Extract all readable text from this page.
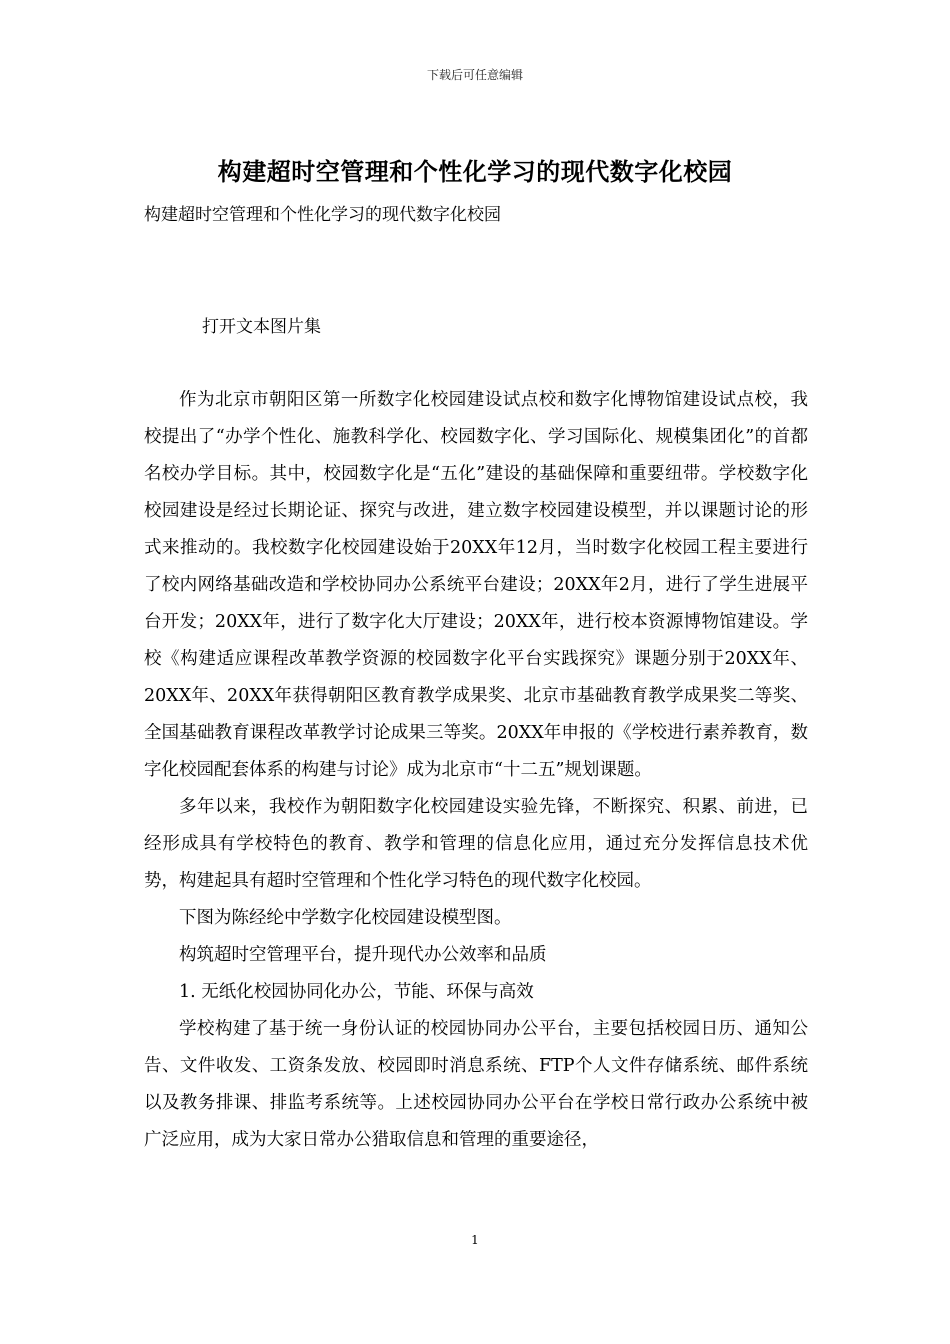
下载后可任意编辑
构建超时空管理和个性化学习的现代数字化校园
构建超时空管理和个性化学习的现代数字化校园
打开文本图片集

作为北京市朝阳区第一所数字化校园建设试点校和数字化博物馆建设试点校，我校提出了“办学个性化、施教科学化、校园数字化、学习国际化、规模集团化”的首都名校办学目标。其中，校园数字化是“五化”建设的基础保障和重要纽带。学校数字化校园建设是经过长期论证、探究与改进，建立数字校园建设模型，并以课题讨论的形式来推动的。我校数字化校园建设始于20XX年12月，当时数字化校园工程主要进行了校内网络基础改造和学校协同办公系统平台建设；20XX年2月，进行了学生进展平台开发；20XX年，进行了数字化大厅建设；20XX年，进行校本资源博物馆建设。学校《构建适应课程改革教学资源的校园数字化平台实践探究》课题分别于20XX年、20XX年、20XX年获得朝阳区教育教学成果奖、北京市基础教育教学成果奖二等奖、全国基础教育课程改革教学讨论成果三等奖。20XX年申报的《学校进行素养教育，数字化校园配套体系的构建与讨论》成为北京市“十二五”规划课题。

多年以来，我校作为朝阳数字化校园建设实验先锋，不断探究、积累、前进，已经形成具有学校特色的教育、教学和管理的信息化应用，通过充分发挥信息技术优势，构建起具有超时空管理和个性化学习特色的现代数字化校园。

下图为陈经纶中学数字化校园建设模型图。

构筑超时空管理平台，提升现代办公效率和品质

1. 无纸化校园协同化办公，节能、环保与高效

学校构建了基于统一身份认证的校园协同办公平台，主要包括校园日历、通知公告、文件收发、工资条发放、校园即时消息系统、FTP个人文件存储系统、邮件系统以及教务排课、排监考系统等。上述校园协同办公平台在学校日常行政办公系统中被广泛应用，成为大家日常办公猎取信息和管理的重要途径，

1
